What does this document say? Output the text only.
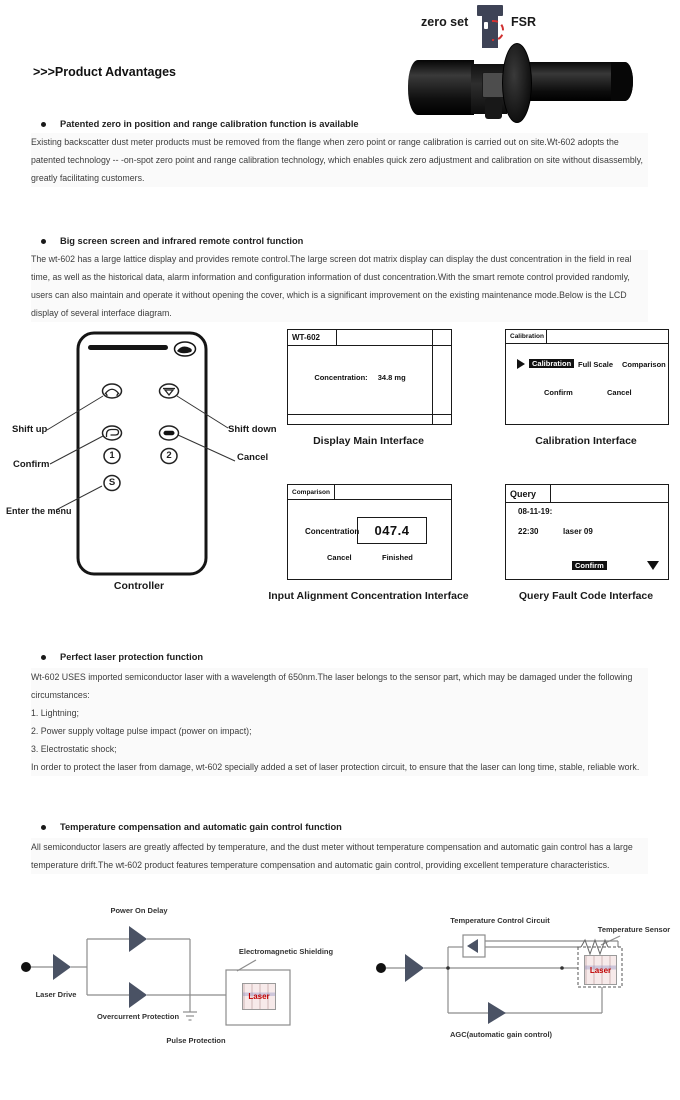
zero set	FSR
>>>Product Advantages
Patented zero in position and range calibration function is available
Existing backscatter dust meter products must be removed from the flange when zero point or range calibration is carried out on site.Wt-602 adopts the patented technology -- -on-spot zero point and range calibration technology, which enables quick zero adjustment and calibration on site without disassembly, greatly facilitating customers.
Big screen screen and infrared remote control function
The wt-602 has a large lattice display and provides remote control.The large screen dot matrix display can display the dust concentration in the field in real time, as well as the historical data, alarm information and configuration information of dust concentration.With the smart remote control provided randomly, users can also maintain and operate it without opening the cover, which is a significant improvement on the existing maintenance mode.Below is the LCD display of several interface diagram.
Shift up	Shift down
Confirm
Cancel
Enter the menu
1	2
S
Controller
WT-602
Concentration: 34.8 mg
Display Main Interface
Calibration
Calibration Full Scale Comparison
Confirm	Cancel
Calibration Interface
Comparison
Concentration	047.4
Cancel	Finished
Input Alignment Concentration Interface
Query
08-11-19:
22:30	laser 09
Confirm
Query Fault Code Interface
Perfect laser protection function
Wt-602 USES imported semiconductor laser with a wavelength of 650nm.The laser belongs to the sensor part, which may be damaged under the following circumstances:
1. Lightning;
2. Power supply voltage pulse impact (power on impact);
3. Electrostatic shock;
In order to protect the laser from damage, wt-602 specially added a set of laser protection circuit, to ensure that the laser can long time, stable, reliable work.
Temperature compensation and automatic gain control function
All semiconductor lasers are greatly affected by temperature, and the dust meter without temperature compensation and automatic gain control has a large temperature drift.The wt-602 product features temperature compensation and automatic gain control, providing excellent temperature characteristics.
Laser
Power On Delay
Laser Drive
Overcurrent Protection
Pulse Protection
Electromagnetic Shielding
Laser
Temperature Control Circuit
Temperature Sensor
AGC(automatic gain control)
